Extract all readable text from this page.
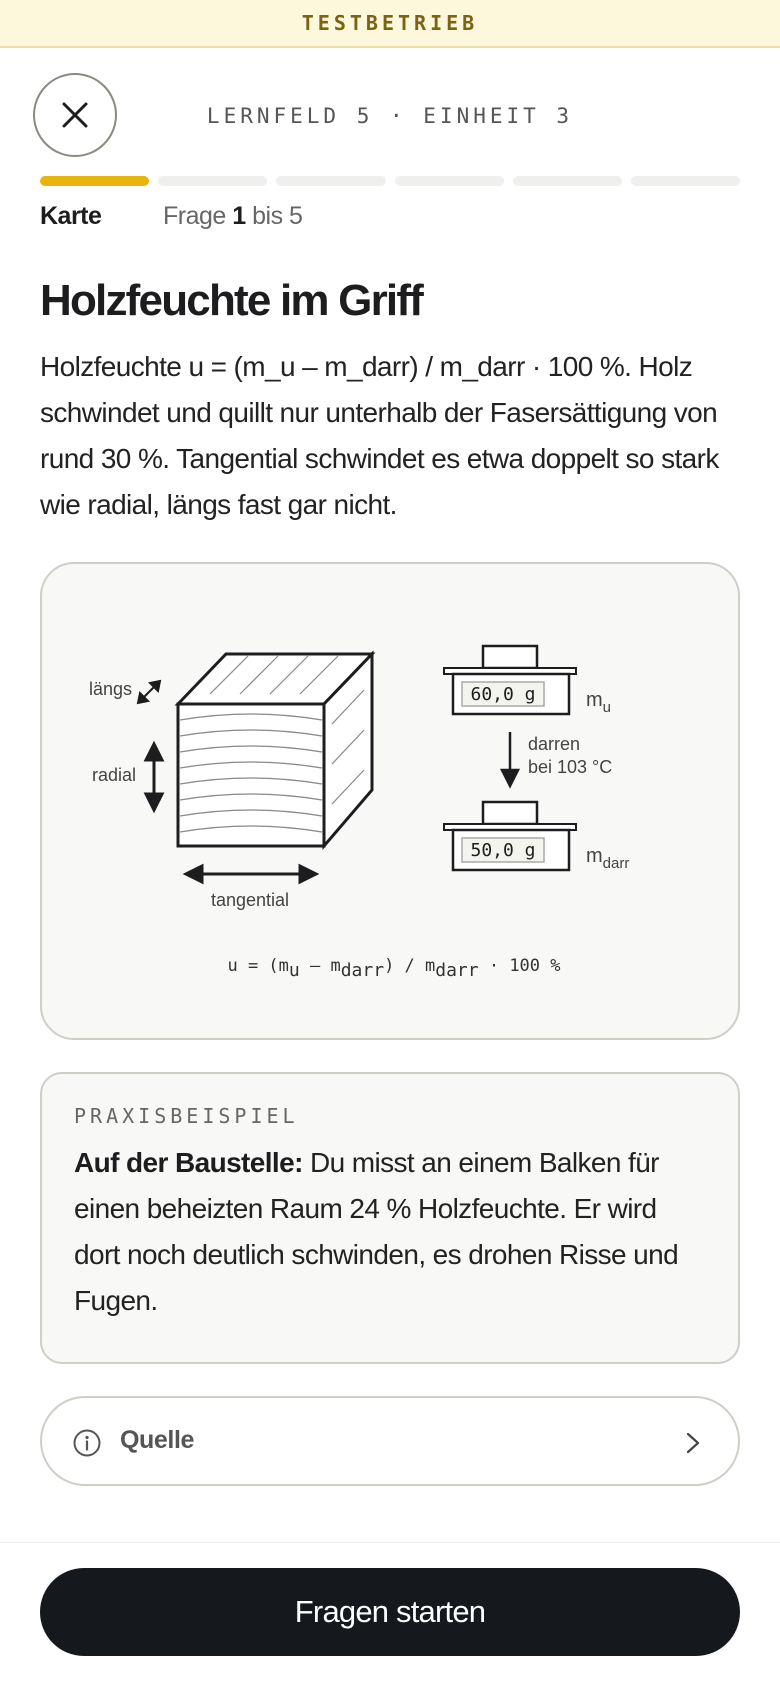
TESTBETRIEB
LERNFELD 5 · EINHEIT 3
Karte Frage 1 bis 5
Holzfeuchte im Griff

Holzfeuchte u = (m_u – m_darr) / m_darr · 100 %. Holz schwindet und quillt nur unterhalb der Fasersättigung von rund 30 %. Tangential schwindet es etwa doppelt so stark wie radial, längs fast gar nicht.

längs
radial
tangential
60,0 g	$m_u$
darren
bei 103 °C
50,0 g	$m_{darr}$
u = (mu – mdarr) / mdarr · 100 %
PRAXISBEISPIEL

Auf der Baustelle: Du misst an einem Balken für einen beheizten Raum 24 % Holzfeuchte. Er wird dort noch deutlich schwinden, es drohen Risse und Fugen.

Quelle
Fragen starten
